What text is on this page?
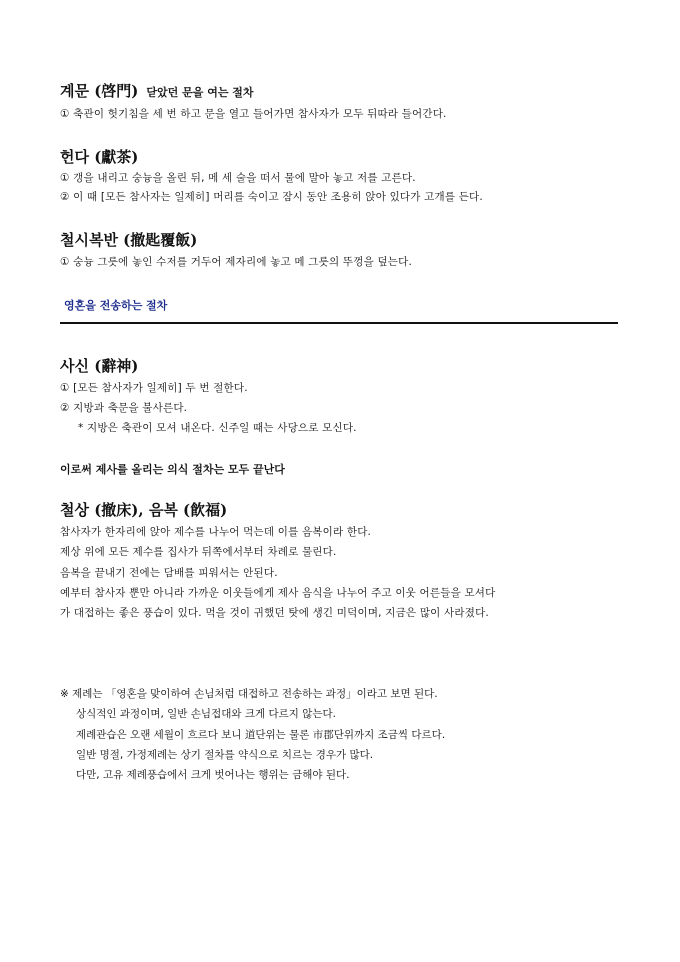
계문 (啓門) 닫았던 문을 여는 절차
① 축관이 헛기침을 세 번 하고 문을 열고 들어가면 참사자가 모두 뒤따라 들어간다.
헌다 (獻茶)
① 갱을 내리고 숭늉을 올린 뒤, 메 세 술을 떠서 물에 말아 놓고 저를 고른다.
② 이 때 [모든 참사자는 일제히] 머리를 숙이고 잠시 동안 조용히 앉아 있다가 고개를 든다.
철시복반 (撤匙覆飯)
① 숭늉 그릇에 놓인 수저를 거두어 제자리에 놓고 메 그릇의 뚜껑을 덮는다.
영혼을 전송하는 절차
사신 (辭神)
① [모든 참사자가 일제히] 두 번 절한다.
② 지방과 축문을 불사른다.
* 지방은 축관이 모셔 내온다. 신주일 때는 사당으로 모신다.
이로써 제사를 올리는 의식 절차는 모두 끝난다
철상 (撤床), 음복 (飮福)
참사자가 한자리에 앉아 제수를 나누어 먹는데 이를 음복이라 한다.
제상 위에 모든 제수를 집사가 뒤쪽에서부터 차례로 물린다.
음복을 끝내기 전에는 담배를 피워서는 안된다.
예부터 참사자 뿐만 아니라 가까운 이웃들에게 제사 음식을 나누어 주고 이웃 어른들을 모셔다
가 대접하는 좋은 풍습이 있다. 먹을 것이 귀했던 탓에 생긴 미덕이며, 지금은 많이 사라졌다.
※ 제례는 「영혼을 맞이하여 손님처럼 대접하고 전송하는 과정」이라고 보면 된다.
상식적인 과정이며, 일반 손님접대와 크게 다르지 않는다.
제례관습은 오랜 세월이 흐르다 보니 道단위는 물론 市郡단위까지 조금씩 다르다.
일반 명절, 가정제례는 상기 절차를 약식으로 치르는 경우가 많다.
다만, 고유 제례풍습에서 크게 벗어나는 행위는 금해야 된다.
